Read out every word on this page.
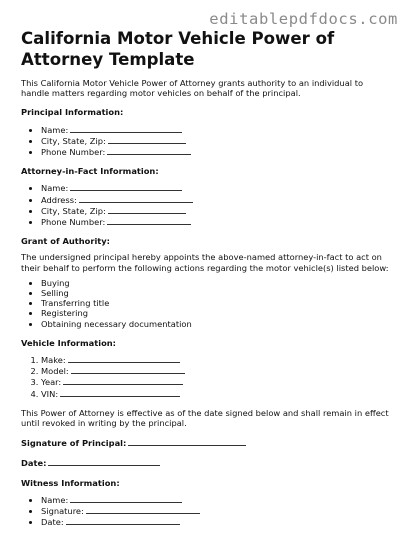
editablepdfdocs.com
California Motor Vehicle Power of Attorney Template

This California Motor Vehicle Power of Attorney grants authority to an individual to handle matters regarding motor vehicles on behalf of the principal.

Principal Information:

• Name:
• City, State, Zip:
• Phone Number:

Attorney-in-Fact Information:

• Name:
• Address:
• City, State, Zip:
• Phone Number:

Grant of Authority:

The undersigned principal hereby appoints the above-named attorney-in-fact to act on their behalf to perform the following actions regarding the motor vehicle(s) listed below:

• Buying
• Selling
• Transferring title
• Registering
• Obtaining necessary documentation

Vehicle Information:

1. Make:
2. Model:
3. Year:
4. VIN:

This Power of Attorney is effective as of the date signed below and shall remain in effect until revoked in writing by the principal.

Signature of Principal:

Date:

Witness Information:

• Name:
• Signature:
• Date:
